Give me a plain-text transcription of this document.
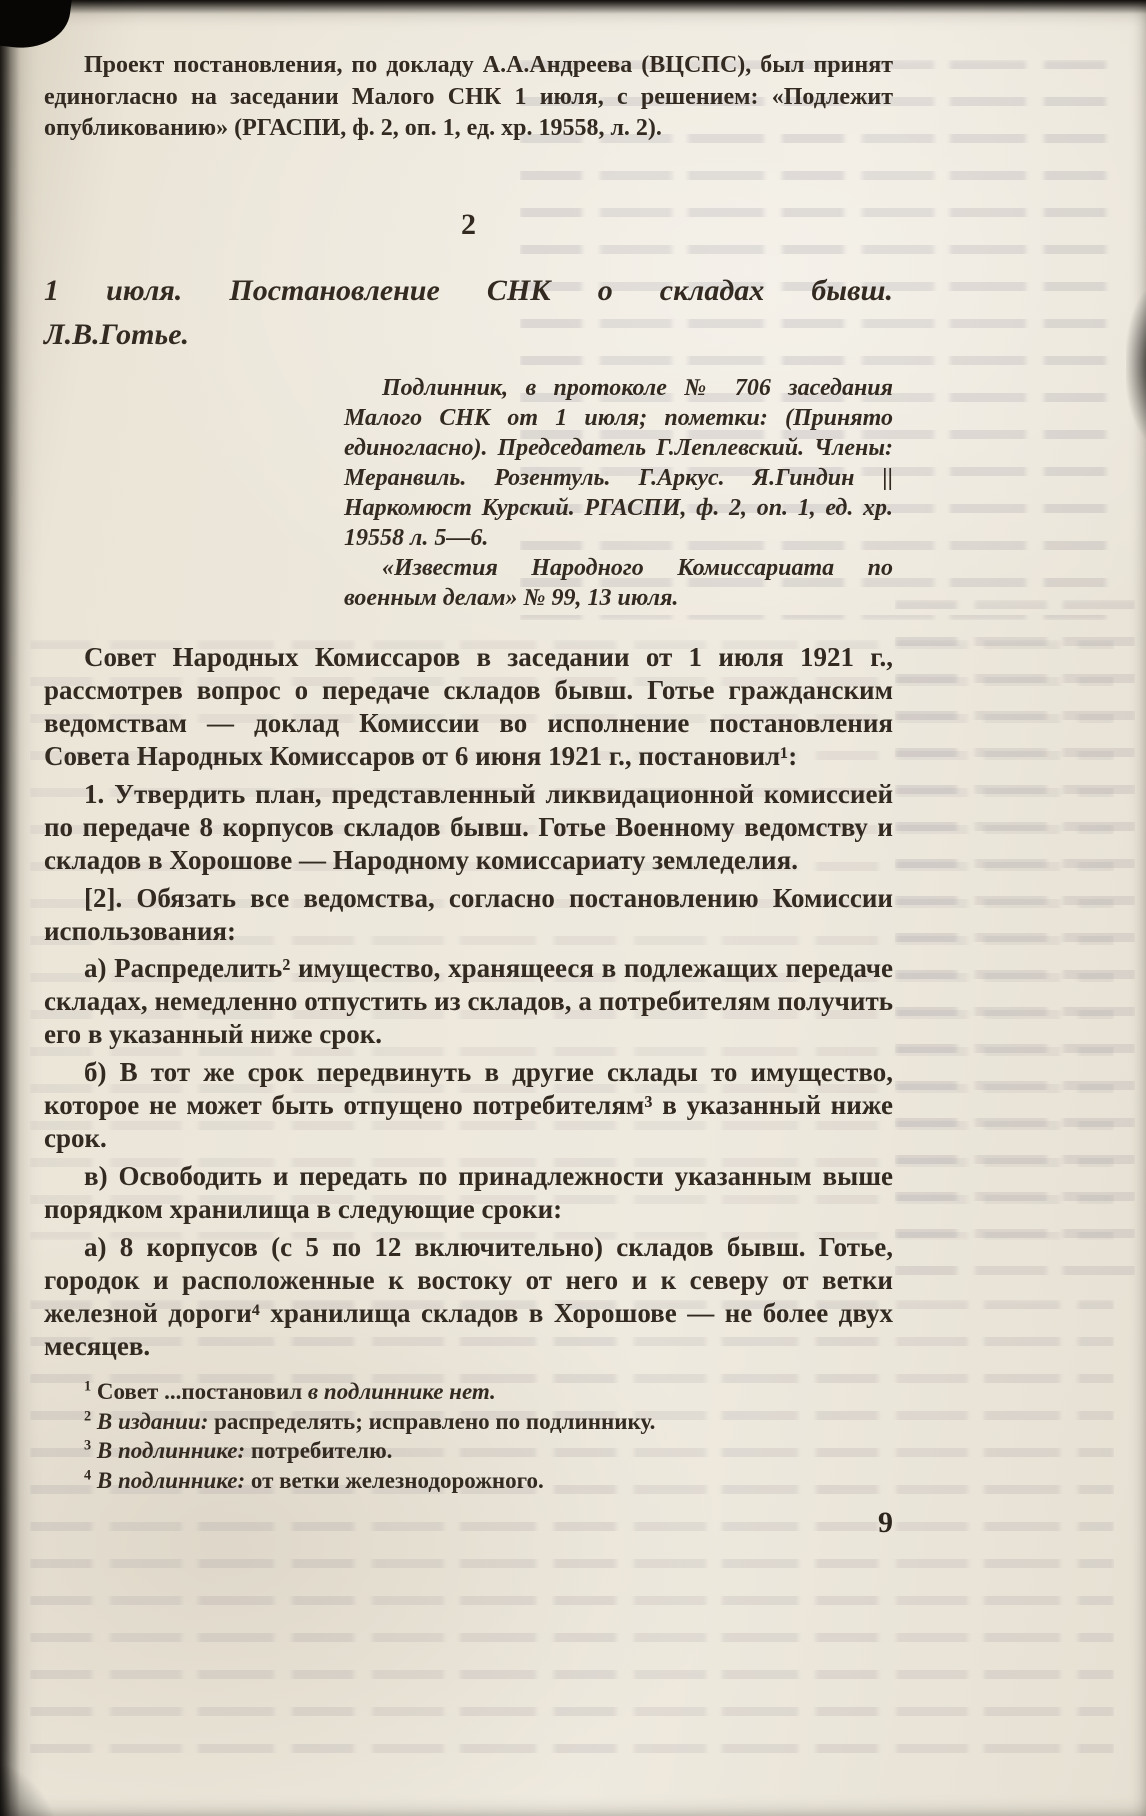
Проект постановления, по докладу А.А.Андреева (ВЦСПС), был принят единогласно на заседании Малого СНК 1 июля, с решением: «Подлежит опубликованию» (РГАСПИ, ф. 2, оп. 1, ед. хр. 19558, л. 2).

2
1 июля. Постановление СНК о складах бывш.
Л.В.Готье.

Подлинник, в протоколе № 706 заседания Малого СНК от 1 июля; пометки: (Принято единогласно). Председатель Г.Леплевский. Члены: Меранвиль. Розентуль. Г.Аркус. Я.Гиндин || Наркомюст Курский. РГАСПИ, ф. 2, оп. 1, ед. хр. 19558 л. 5—6.

«Известия Народного Комиссариата по военным делам» № 99, 13 июля.

Совет Народных Комиссаров в заседании от 1 июля 1921 г., рассмотрев вопрос о передаче складов бывш. Готье гражданским ведомствам — доклад Комиссии во исполнение постановления Совета Народных Комиссаров от 6 июня 1921 г., постановил¹:

1. Утвердить план, представленный ликвидационной комиссией по передаче 8 корпусов складов бывш. Готье Военному ведомству и складов в Хорошове — Народному комиссариату земледелия.

[2]. Обязать все ведомства, согласно постановлению Комиссии использования:

а) Распределить² имущество, хранящееся в подлежащих передаче складах, немедленно отпустить из складов, а потребителям получить его в указанный ниже срок.

б) В тот же срок передвинуть в другие склады то имущество, которое не может быть отпущено потребителям³ в указанный ниже срок.

в) Освободить и передать по принадлежности указанным выше порядком хранилища в следующие сроки:

а) 8 корпусов (с 5 по 12 включительно) складов бывш. Готье, городок и расположенные к востоку от него и к северу от ветки железной дороги⁴ хранилища складов в Хорошове — не более двух месяцев.

$^1$ Совет ...постановил в подлиннике нет.

$^2$ В издании: распределять; исправлено по подлиннику.

$^3$ В подлиннике: потребителю.

$^4$ В подлиннике: от ветки железнодорожного.

9
